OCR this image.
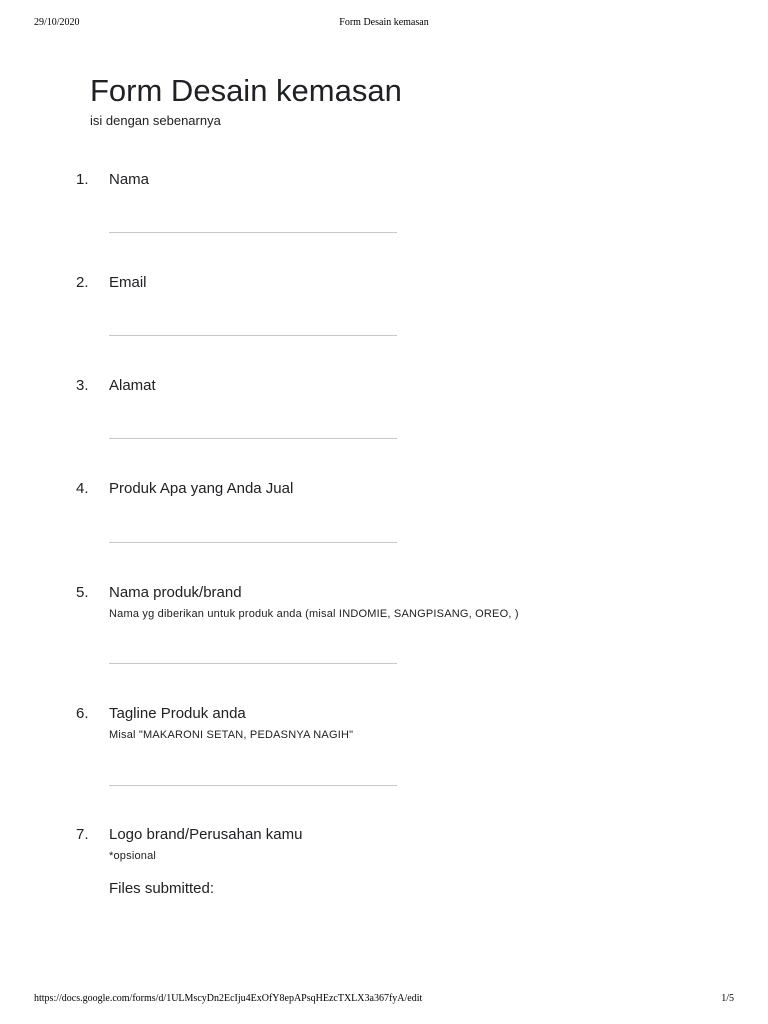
29/10/2020	Form Desain kemasan
Form Desain kemasan
isi dengan sebenarnya
1. Nama
2. Email
3. Alamat
4. Produk Apa yang Anda Jual
5. Nama produk/brand
Nama yg diberikan untuk produk anda (misal INDOMIE, SANGPISANG, OREO, )
6. Tagline Produk anda
Misal "MAKARONI SETAN, PEDASNYA NAGIH"
7. Logo brand/Perusahan kamu
*opsional
Files submitted:
https://docs.google.com/forms/d/1ULMscyDn2EcIju4ExOfY8epAPsqHEzcTXLX3a367fyA/edit	1/5
